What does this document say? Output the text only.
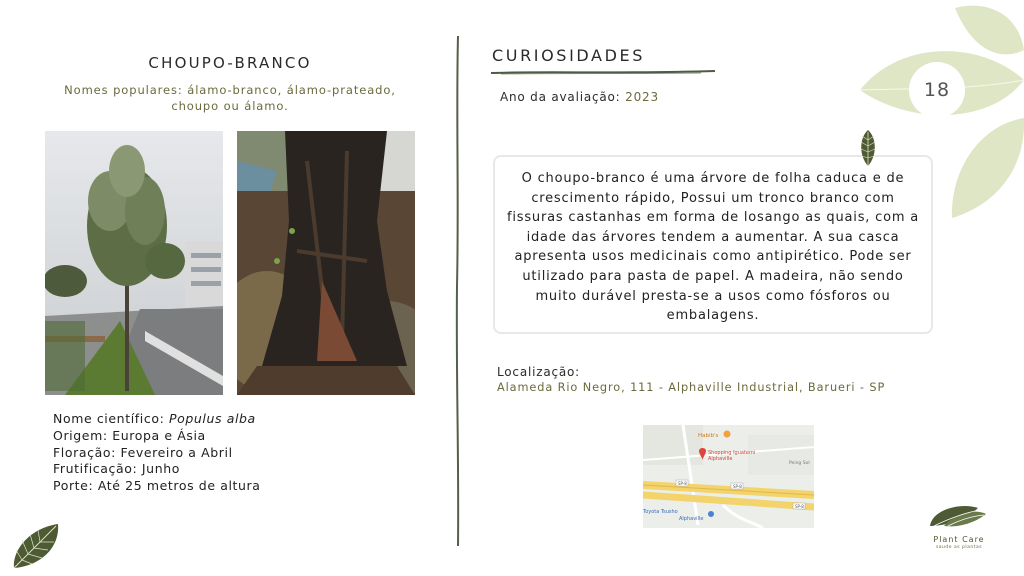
CHOUPO-BRANCO
Nomes populares: álamo-branco, álamo-prateado, choupo ou álamo.
Nome científico: Populus alba
Origem: Europa e Ásia
Floração: Fevereiro a Abril
Frutificação: Junho
Porte: Até 25 metros de altura
CURIOSIDADES
Ano da avaliação: 2023
O choupo-branco é uma árvore de folha caduca e de crescimento rápido, Possui um tronco branco com fissuras castanhas em forma de losango as quais, com a idade das árvores tendem a aumentar. A sua casca apresenta usos medicinais como antipirético. Pode ser utilizado para pasta de papel. A madeira, não sendo muito durável presta-se a usos como fósforos ou embalagens.
Localização:
Alameda Rio Negro, 111 - Alphaville Industrial, Barueri - SP
SP-8
SP-8
SP-8
Habib's
Shopping Iguatemi
Alphaville
Peing Sol
Toyota Tsusho
Alphaville
18
Plant Care
saude as plantas
